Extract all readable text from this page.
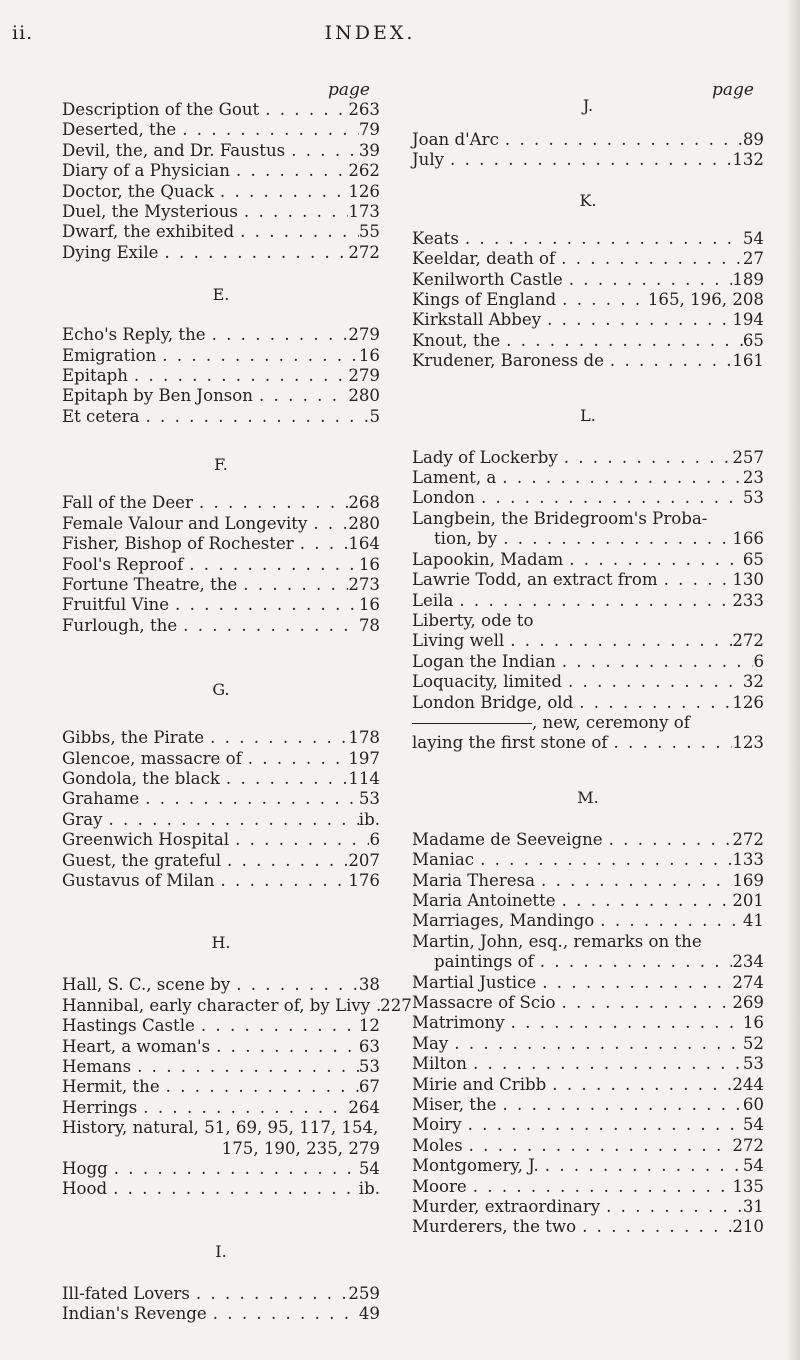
ii.	INDEX.
page
Description of the Gout . . .	263
Deserted, the . . .	79
Devil, the, and Dr. Faustus . . .	39
Diary of a Physician . . .	262
Doctor, the Quack . . .	126
Duel, the Mysterious . . .	173
Dwarf, the exhibited . . .	55
Dying Exile . . .	272
E.
Echo's Reply, the . . .	279
Emigration . . .	16
Epitaph . . .	279
Epitaph by Ben Jonson . . .	280
Et cetera . . .	5
F.
Fall of the Deer . . .	268
Female Valour and Longevity . . . 280
Fisher, Bishop of Rochester . . .	164
Fool's Reproof . . .	16
Fortune Theatre, the . . .	273
Fruitful Vine . . .	16
Furlough, the . . .	78
G.
Gibbs, the Pirate . . .	178
Glencoe, massacre of . . .	197
Gondola, the black . . .	114
Grahame . . .	53
Gray . . .	ib.
Greenwich Hospital . . .	6
Guest, the grateful . . .	207
Gustavus of Milan . . .	176
H.
Hall, S. C., scene by . . .	38
Hannibal, early character of, by Livy . . . 227
Hastings Castle . . .	12
Heart, a woman's . . .	63
Hemans . . .	53
Hermit, the . . .	67
Herrings . . .	264
History, natural, 51, 69, 95, 117, 154,
175, 190, 235, 279
Hogg . . .	54
Hood . . .	ib.
I.
Ill-fated Lovers . . .	259
Indian's Revenge . . .	49
page
J.
Joan d'Arc . . .	89
July . . .	132
K.
Keats . . .	54
Keeldar, death of . . .	27
Kenilworth Castle . . .	189
Kings of England . . .	165, 196, 208
Kirkstall Abbey . . .	194
Knout, the . . .	65
Krudener, Baroness de . . .	161
L.
Lady of Lockerby . . .	257
Lament, a . . .	23
London . . .	53
Langbein, the Bridegroom's Proba-
tion, by . . .	166
Lapookin, Madam . . .	65
Lawrie Todd, an extract from . . .	130
Leila . . .	233
Liberty, ode to
Living well . . .	272
Logan the Indian . . .	6
Loquacity, limited . . .	32
London Bridge, old . . .	126
, new, ceremony of
laying the first stone of . . .	123
M.
Madame de Seeveigne . . .	272
Maniac . . .	133
Maria Theresa . . .	169
Maria Antoinette . . .	201
Marriages, Mandingo . . .	41
Martin, John, esq., remarks on the
paintings of . . .	234
Martial Justice . . .	274
Massacre of Scio . . .	269
Matrimony . . .	16
May . . .	52
Milton . . .	53
Mirie and Cribb . . .	244
Miser, the . . .	60
Moiry . . .	54
Moles . . .	272
Montgomery, J. . . .	54
Moore . . .	135
Murder, extraordinary . . .	31
Murderers, the two . . .	210
